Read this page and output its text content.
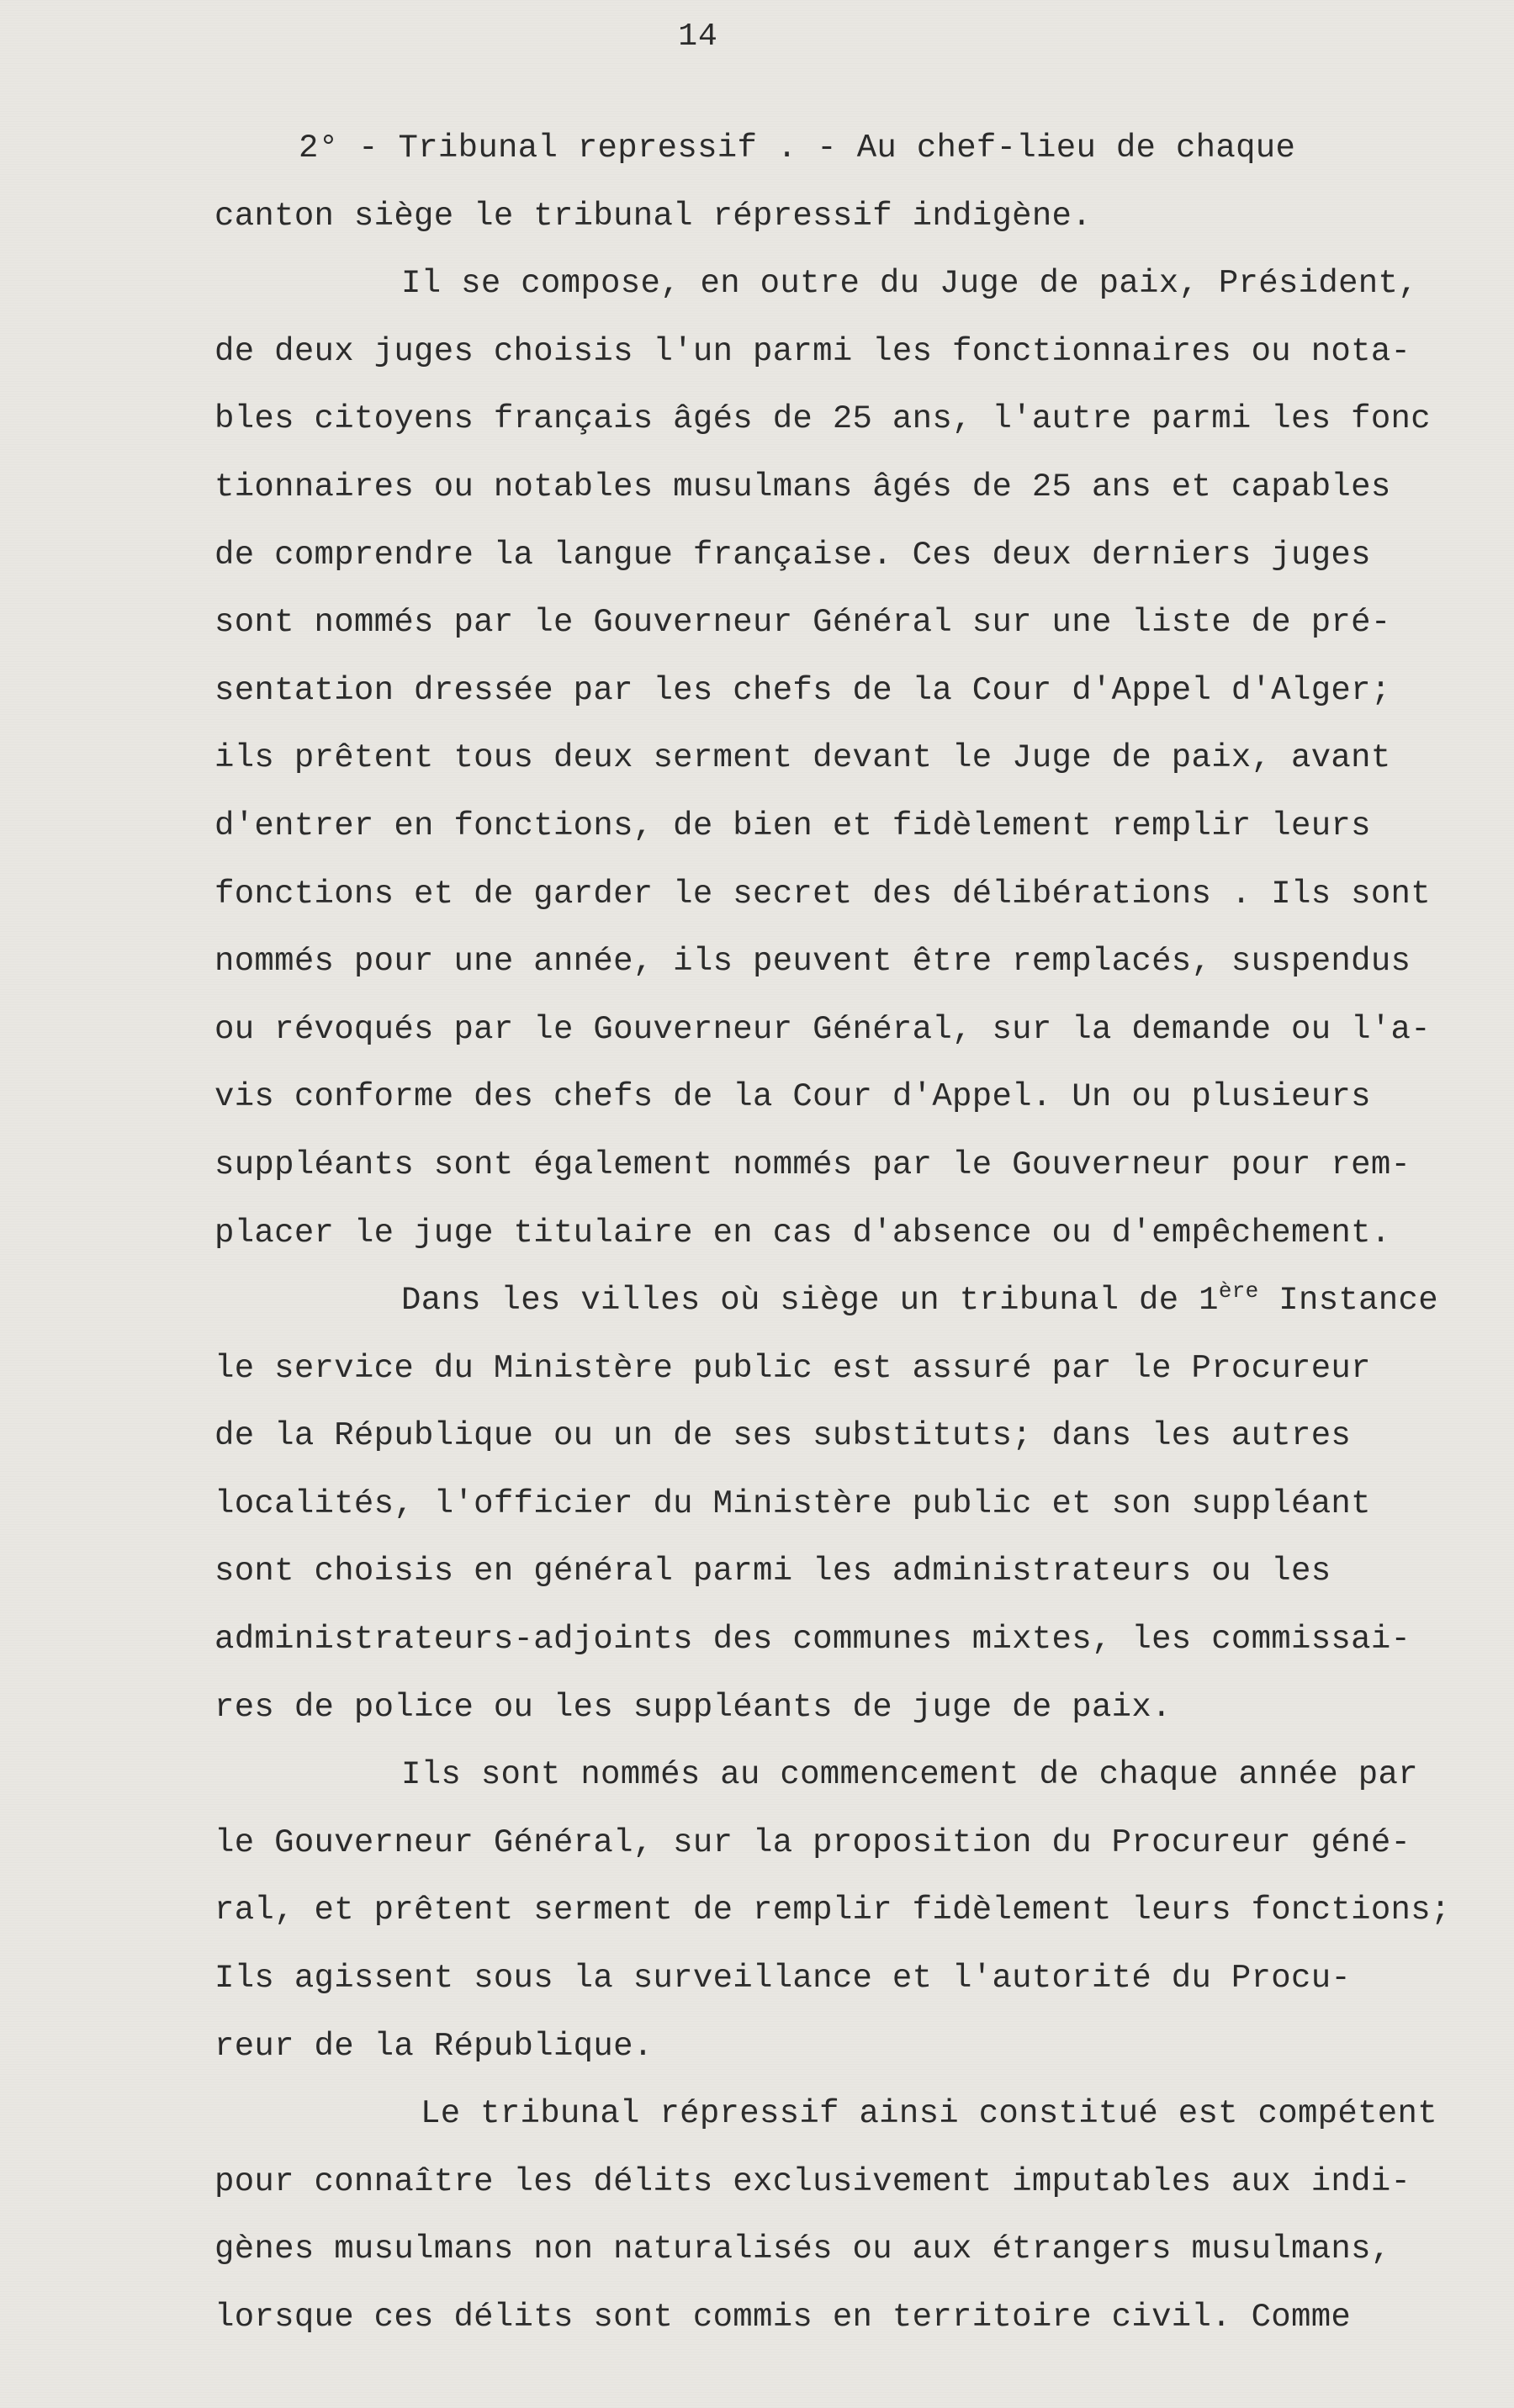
14
2° - Tribunal repressif . - Au chef-lieu de chaque
canton siège le tribunal répressif indigène.
Il se compose, en outre du Juge de paix, Président,
de deux juges choisis l'un parmi les fonctionnaires ou nota-
bles citoyens français âgés de 25 ans, l'autre parmi les fonc
tionnaires ou notables musulmans âgés de 25 ans et capables
de comprendre la langue française. Ces deux derniers juges
sont nommés par le Gouverneur Général sur une liste de pré-
sentation dressée par les chefs de la Cour d'Appel d'Alger;
ils prêtent tous deux serment devant le Juge de paix, avant
d'entrer en fonctions, de bien et fidèlement remplir leurs
fonctions et de garder le secret des délibérations . Ils sont
nommés pour une année, ils peuvent être remplacés, suspendus
ou révoqués par le Gouverneur Général, sur la demande ou l'a-
vis conforme des chefs de la Cour d'Appel. Un ou plusieurs
suppléants sont également nommés par le Gouverneur pour rem-
placer le juge titulaire en cas d'absence ou d'empêchement.
Dans les villes où siège un tribunal de 1ère Instance
le service du Ministère public est assuré par le Procureur
de la République ou un de ses substituts; dans les autres
localités, l'officier du Ministère public et son suppléant
sont choisis en général parmi les administrateurs ou les
administrateurs-adjoints des communes mixtes, les commissai-
res de police ou les suppléants de juge de paix.
Ils sont nommés au commencement de chaque année par
le Gouverneur Général, sur la proposition du Procureur géné-
ral, et prêtent serment de remplir fidèlement leurs fonctions;
Ils agissent sous la surveillance et l'autorité du Procu-
reur de la République.
Le tribunal répressif ainsi constitué est compétent
pour connaître les délits exclusivement imputables aux indi-
gènes musulmans non naturalisés ou aux étrangers musulmans,
lorsque ces délits sont commis en territoire civil. Comme
